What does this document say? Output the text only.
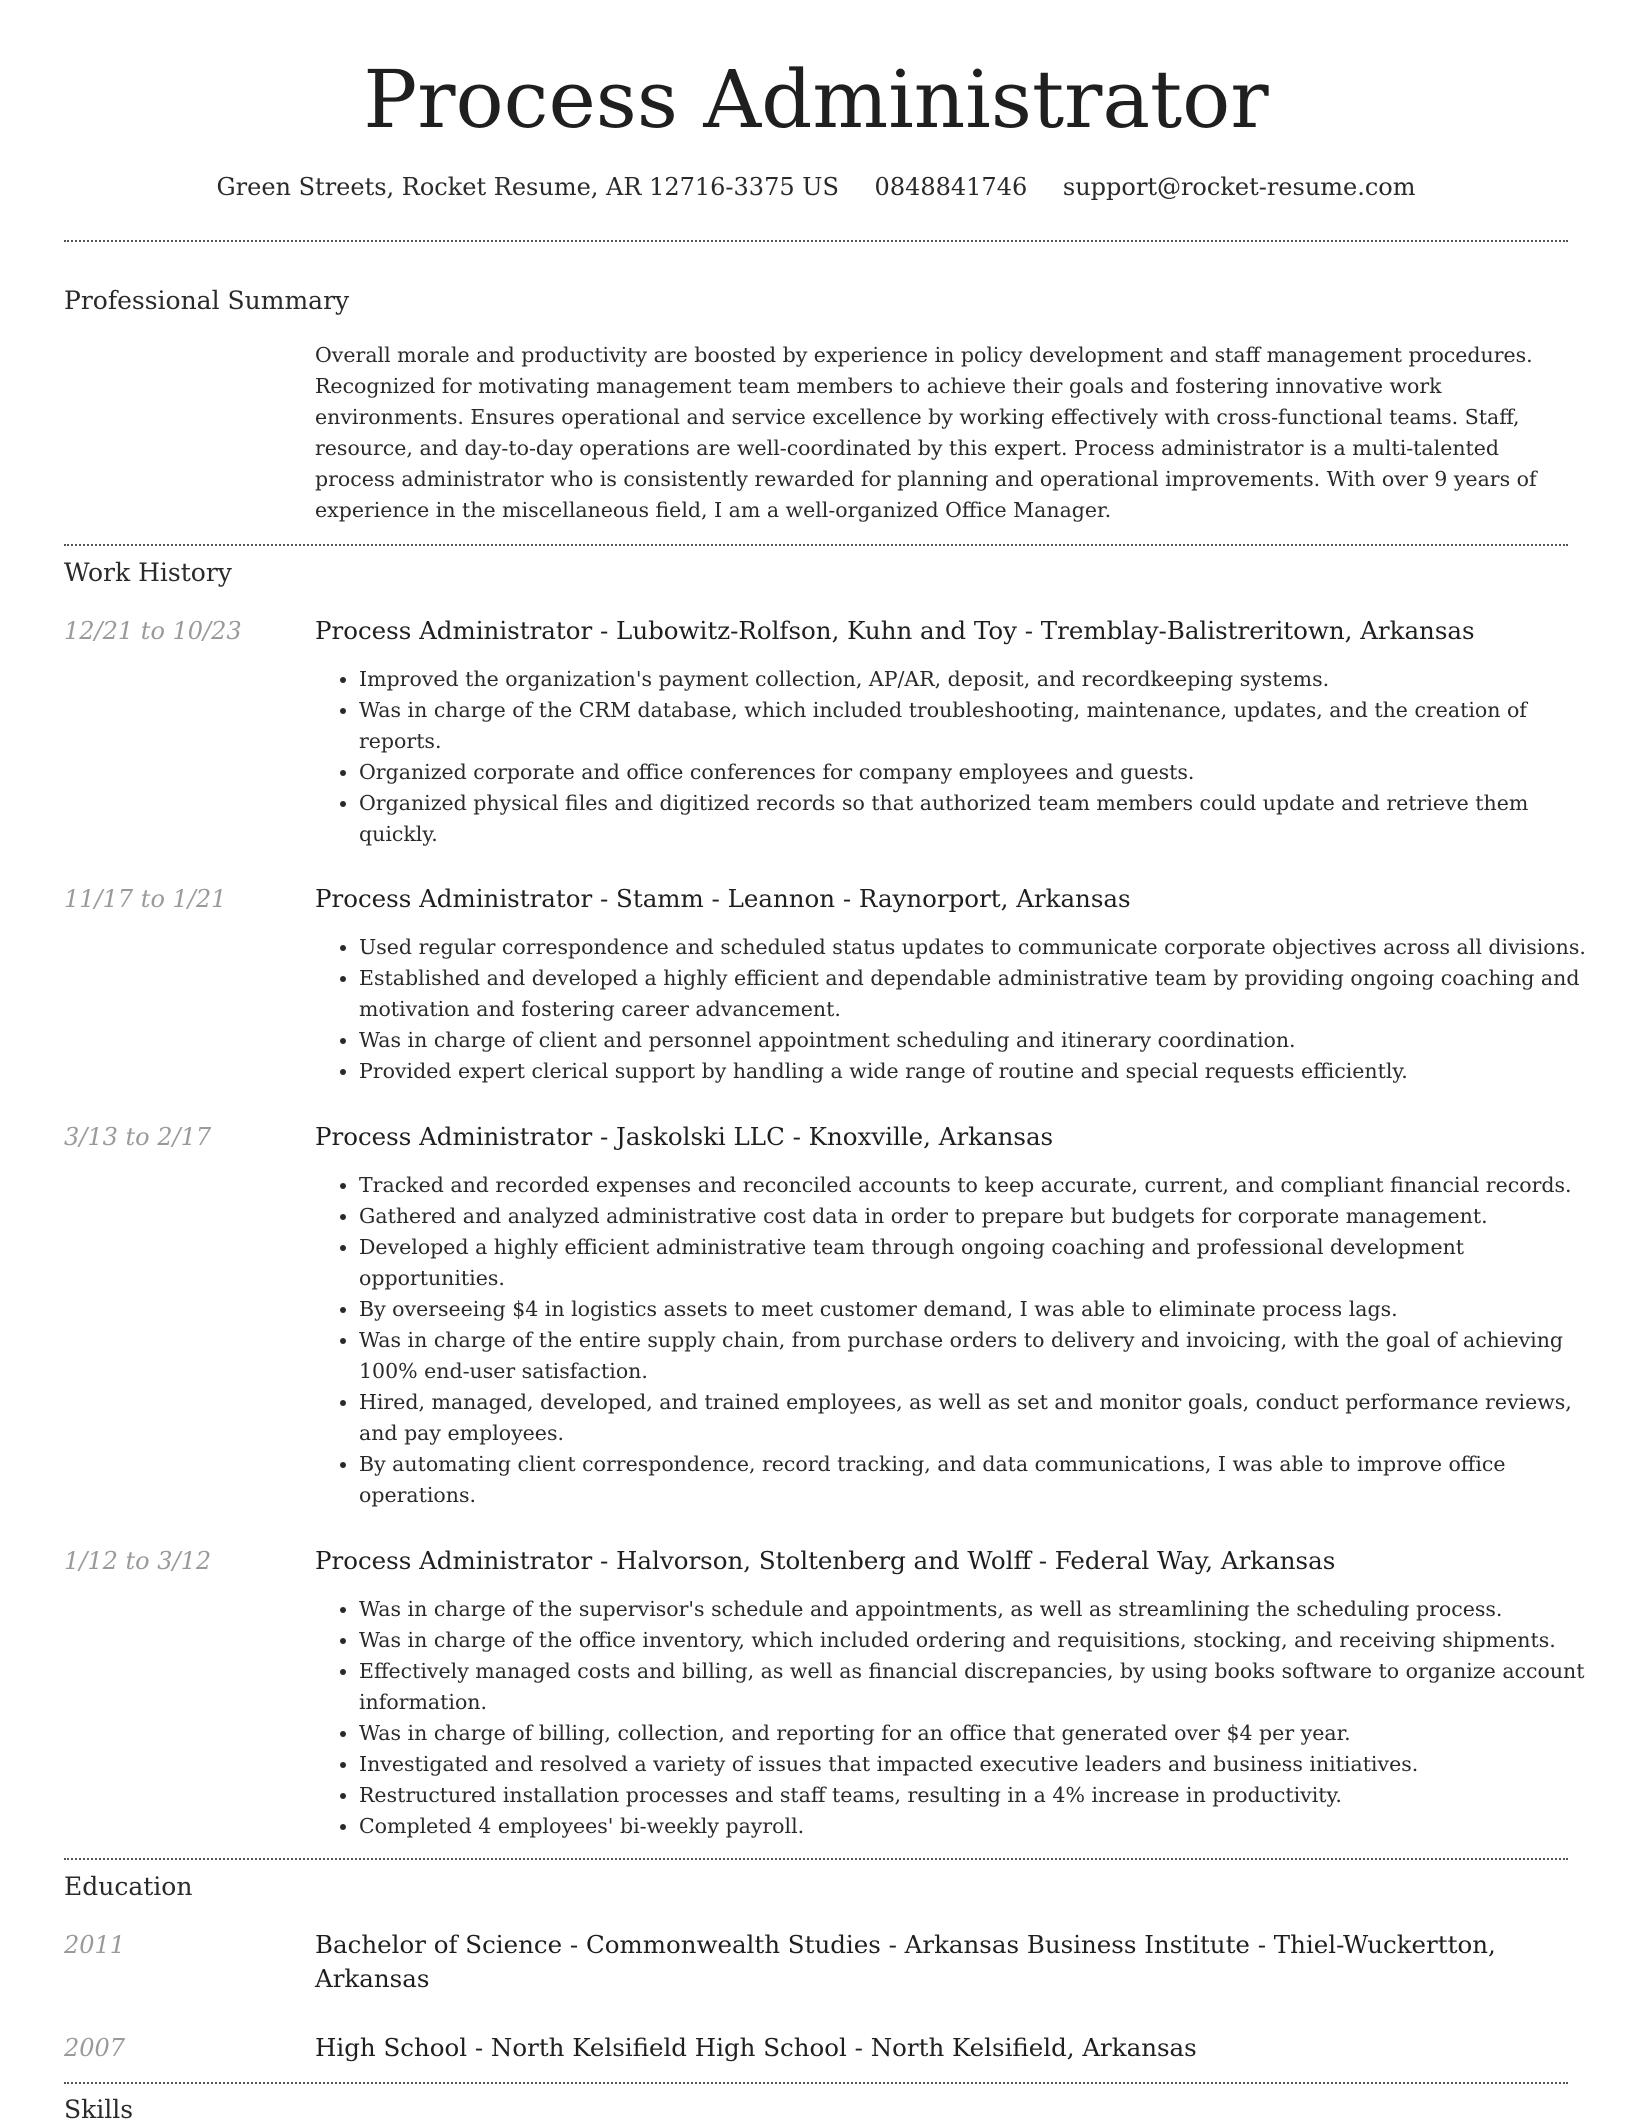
Process Administrator
Green Streets, Rocket Resume, AR 12716-3375 US 0848841746 support@rocket-resume.com
Professional Summary

Overall morale and productivity are boosted by experience in policy development and staff management procedures. Recognized for motivating management team members to achieve their goals and fostering innovative work environments. Ensures operational and service excellence by working effectively with cross-functional teams. Staff, resource, and day-to-day operations are well-coordinated by this expert. Process administrator is a multi-talented process administrator who is consistently rewarded for planning and operational improvements. With over 9 years of experience in the miscellaneous field, I am a well-organized Office Manager.

Work History
12/21 to 10/23	Process Administrator - Lubowitz-Rolfson, Kuhn and Toy - Tremblay-Balistreritown, Arkansas
• Improved the organization's payment collection, AP/AR, deposit, and recordkeeping systems.
• Was in charge of the CRM database, which included troubleshooting, maintenance, updates, and the creation of reports.
• Organized corporate and office conferences for company employees and guests.
• Organized physical files and digitized records so that authorized team members could update and retrieve them quickly.
11/17 to 1/21	Process Administrator - Stamm - Leannon - Raynorport, Arkansas
• Used regular correspondence and scheduled status updates to communicate corporate objectives across all divisions.
• Established and developed a highly efficient and dependable administrative team by providing ongoing coaching and motivation and fostering career advancement.
• Was in charge of client and personnel appointment scheduling and itinerary coordination.
• Provided expert clerical support by handling a wide range of routine and special requests efficiently.
3/13 to 2/17	Process Administrator - Jaskolski LLC - Knoxville, Arkansas
• Tracked and recorded expenses and reconciled accounts to keep accurate, current, and compliant financial records.
• Gathered and analyzed administrative cost data in order to prepare but budgets for corporate management.
• Developed a highly efficient administrative team through ongoing coaching and professional development opportunities.
• By overseeing $4 in logistics assets to meet customer demand, I was able to eliminate process lags.
• Was in charge of the entire supply chain, from purchase orders to delivery and invoicing, with the goal of achieving 100% end-user satisfaction.
• Hired, managed, developed, and trained employees, as well as set and monitor goals, conduct performance reviews, and pay employees.
• By automating client correspondence, record tracking, and data communications, I was able to improve office operations.
1/12 to 3/12	Process Administrator - Halvorson, Stoltenberg and Wolff - Federal Way, Arkansas
• Was in charge of the supervisor's schedule and appointments, as well as streamlining the scheduling process.
• Was in charge of the office inventory, which included ordering and requisitions, stocking, and receiving shipments.
• Effectively managed costs and billing, as well as financial discrepancies, by using books software to organize account information.
• Was in charge of billing, collection, and reporting for an office that generated over $4 per year.
• Investigated and resolved a variety of issues that impacted executive leaders and business initiatives.
• Restructured installation processes and staff teams, resulting in a 4% increase in productivity.
• Completed 4 employees' bi-weekly payroll.
Education
2011	Bachelor of Science - Commonwealth Studies - Arkansas Business Institute - Thiel-Wuckertton, Arkansas
2007	High School - North Kelsifield High School - North Kelsifield, Arkansas
Skills
